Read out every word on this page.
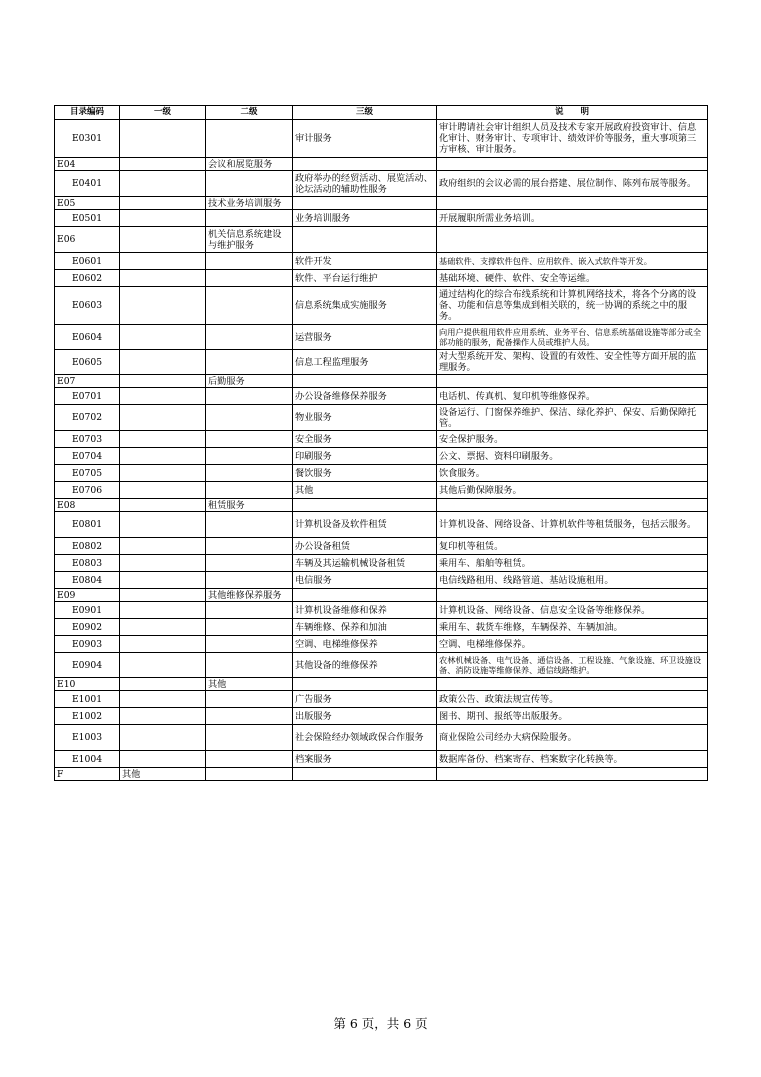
目录编码	一级	二级	三级	说　　明
E0301			审计服务	审计聘请社会审计组织人员及技术专家开展政府投资审计、信息化审计、财务审计、专项审计、绩效评价等服务，重大事项第三方审核、审计服务。
E04		会议和展览服务		
E0401			政府举办的经贸活动、展览活动、论坛活动的辅助性服务	政府组织的会议必需的展台搭建、展位制作、陈列布展等服务。
E05		技术业务培训服务		
E0501			业务培训服务	开展履职所需业务培训。
E06		机关信息系统建设与维护服务		
E0601			软件开发	基础软件、支撑软件包件、应用软件、嵌入式软件等开发。
E0602			软件、平台运行维护	基础环境、硬件、软件、安全等运维。
E0603			信息系统集成实施服务	通过结构化的综合布线系统和计算机网络技术，将各个分离的设备、功能和信息等集成到相关联的，统一协调的系统之中的服务。
E0604			运营服务	向用户提供租用软件应用系统、业务平台、信息系统基础设施等部分或全部功能的服务，配备操作人员或维护人员。
E0605			信息工程监理服务	对大型系统开发、架构、设置的有效性、安全性等方面开展的监理服务。
E07		后勤服务		
E0701			办公设备维修保养服务	电话机、传真机、复印机等维修保养。
E0702			物业服务	设备运行、门窗保养维护、保洁、绿化养护、保安、后勤保障托管。
E0703			安全服务	安全保护服务。
E0704			印刷服务	公文、票据、资料印刷服务。
E0705			餐饮服务	饮食服务。
E0706			其他	其他后勤保障服务。
E08		租赁服务		
E0801			计算机设备及软件租赁	计算机设备、网络设备、计算机软件等租赁服务，包括云服务。
E0802			办公设备租赁	复印机等租赁。
E0803			车辆及其运输机械设备租赁	乘用车、船舶等租赁。
E0804			电信服务	电信线路租用、线路管道、基站设施租用。
E09		其他维修保养服务		
E0901			计算机设备维修和保养	计算机设备、网络设备、信息安全设备等维修保养。
E0902			车辆维修、保养和加油	乘用车、载货车维修，车辆保养、车辆加油。
E0903			空调、电梯维修保养	空调、电梯维修保养。
E0904			其他设备的维修保养	农林机械设备、电气设备、通信设备、工程设施、气象设施、环卫设施设备、消防设施等维修保养、通信线路维护。
E10		其他		
E1001			广告服务	政策公告、政策法规宣传等。
E1002			出版服务	图书、期刊、报纸等出版服务。
E1003			社会保险经办领域政保合作服务	商业保险公司经办大病保险服务。
E1004			档案服务	数据库备份、档案寄存、档案数字化转换等。
F	其他			
第 6 页，共 6 页
